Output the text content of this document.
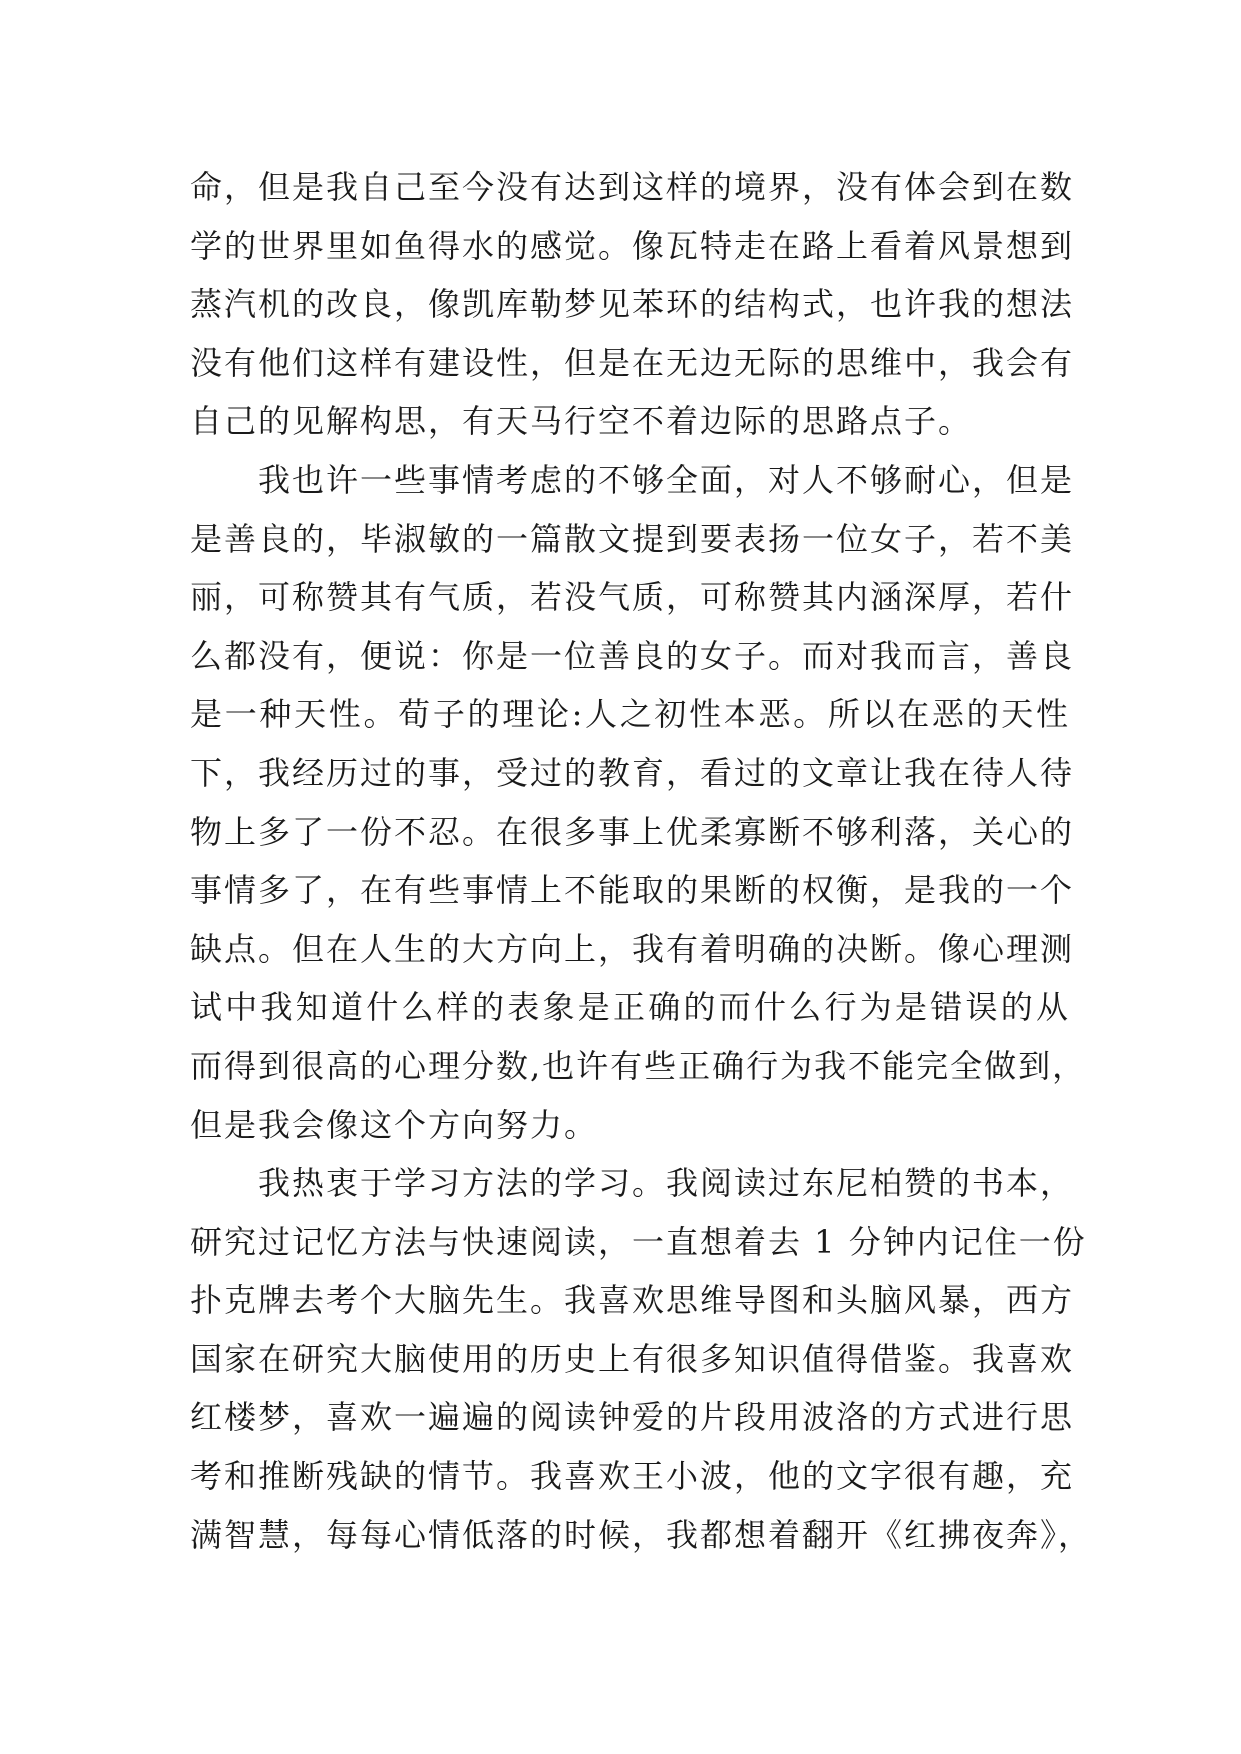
命，但是我自己至今没有达到这样的境界，没有体会到在数
学的世界里如鱼得水的感觉。像瓦特走在路上看着风景想到
蒸汽机的改良，像凯库勒梦见苯环的结构式，也许我的想法
没有他们这样有建设性，但是在无边无际的思维中，我会有
自己的见解构思，有天马行空不着边际的思路点子。
我也许一些事情考虑的不够全面，对人不够耐心，但是
是善良的，毕淑敏的一篇散文提到要表扬一位女子，若不美
丽，可称赞其有气质，若没气质，可称赞其内涵深厚，若什
么都没有，便说：你是一位善良的女子。而对我而言，善良
是一种天性。荀子的理论:人之初性本恶。所以在恶的天性
下，我经历过的事，受过的教育，看过的文章让我在待人待
物上多了一份不忍。在很多事上优柔寡断不够利落，关心的
事情多了，在有些事情上不能取的果断的权衡，是我的一个
缺点。但在人生的大方向上，我有着明确的决断。像心理测
试中我知道什么样的表象是正确的而什么行为是错误的从
而得到很高的心理分数,也许有些正确行为我不能完全做到，
但是我会像这个方向努力。
我热衷于学习方法的学习。我阅读过东尼柏赞的书本，
研究过记忆方法与快速阅读，一直想着去 1 分钟内记住一份
扑克牌去考个大脑先生。我喜欢思维导图和头脑风暴，西方
国家在研究大脑使用的历史上有很多知识值得借鉴。我喜欢
红楼梦，喜欢一遍遍的阅读钟爱的片段用波洛的方式进行思
考和推断残缺的情节。我喜欢王小波，他的文字很有趣，充
满智慧，每每心情低落的时候，我都想着翻开《红拂夜奔》，
